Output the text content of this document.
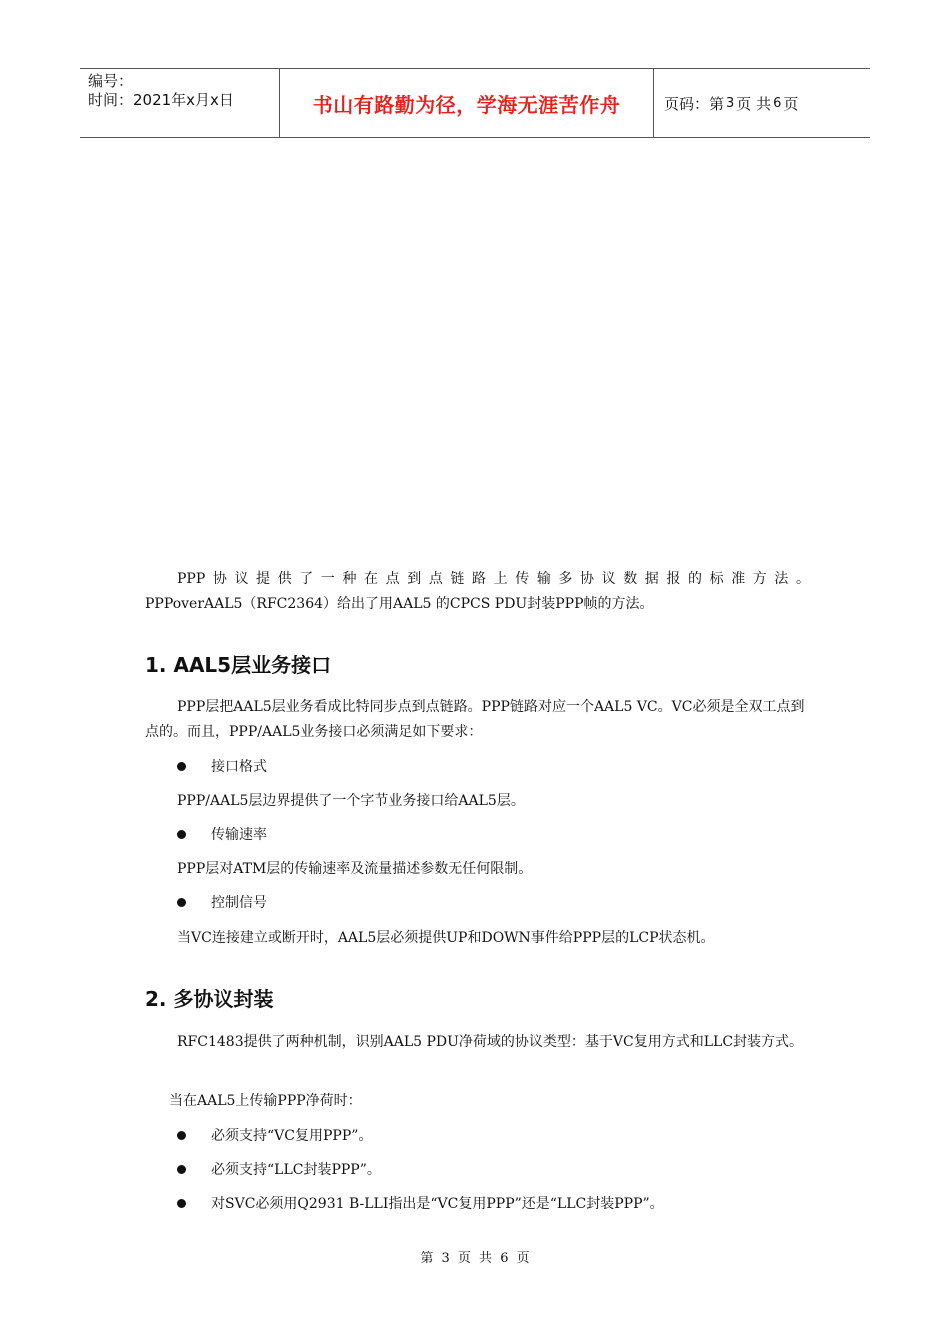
编号：
时间：2021年x月x日	书山有路勤为径，学海无涯苦作舟	页码：第 3 页 共 6 页

PPP协议提供了一种在点到点链路上传输多协议数据报的标准方法。

PPPoverAAL5（RFC2364）给出了用AAL5 的CPCS PDU封装PPP帧的方法。

1. AAL5层业务接口

PPP层把AAL5层业务看成比特同步点到点链路。PPP链路对应一个AAL5 VC。VC必须是全双工点到点的。而且，PPP/AAL5业务接口必须满足如下要求：

接口格式

PPP/AAL5层边界提供了一个字节业务接口给AAL5层。

传输速率

PPP层对ATM层的传输速率及流量描述参数无任何限制。

控制信号

当VC连接建立或断开时，AAL5层必须提供UP和DOWN事件给PPP层的LCP状态机。

2. 多协议封装

RFC1483提供了两种机制，识别AAL5 PDU净荷域的协议类型：基于VC复用方式和LLC封装方式。

当在AAL5上传输PPP净荷时：

必须支持“VC复用PPP”。
必须支持“LLC封装PPP”。
对SVC必须用Q2931 B-LLI指出是“VC复用PPP”还是“LLC封装PPP”。
第 3 页 共 6 页
